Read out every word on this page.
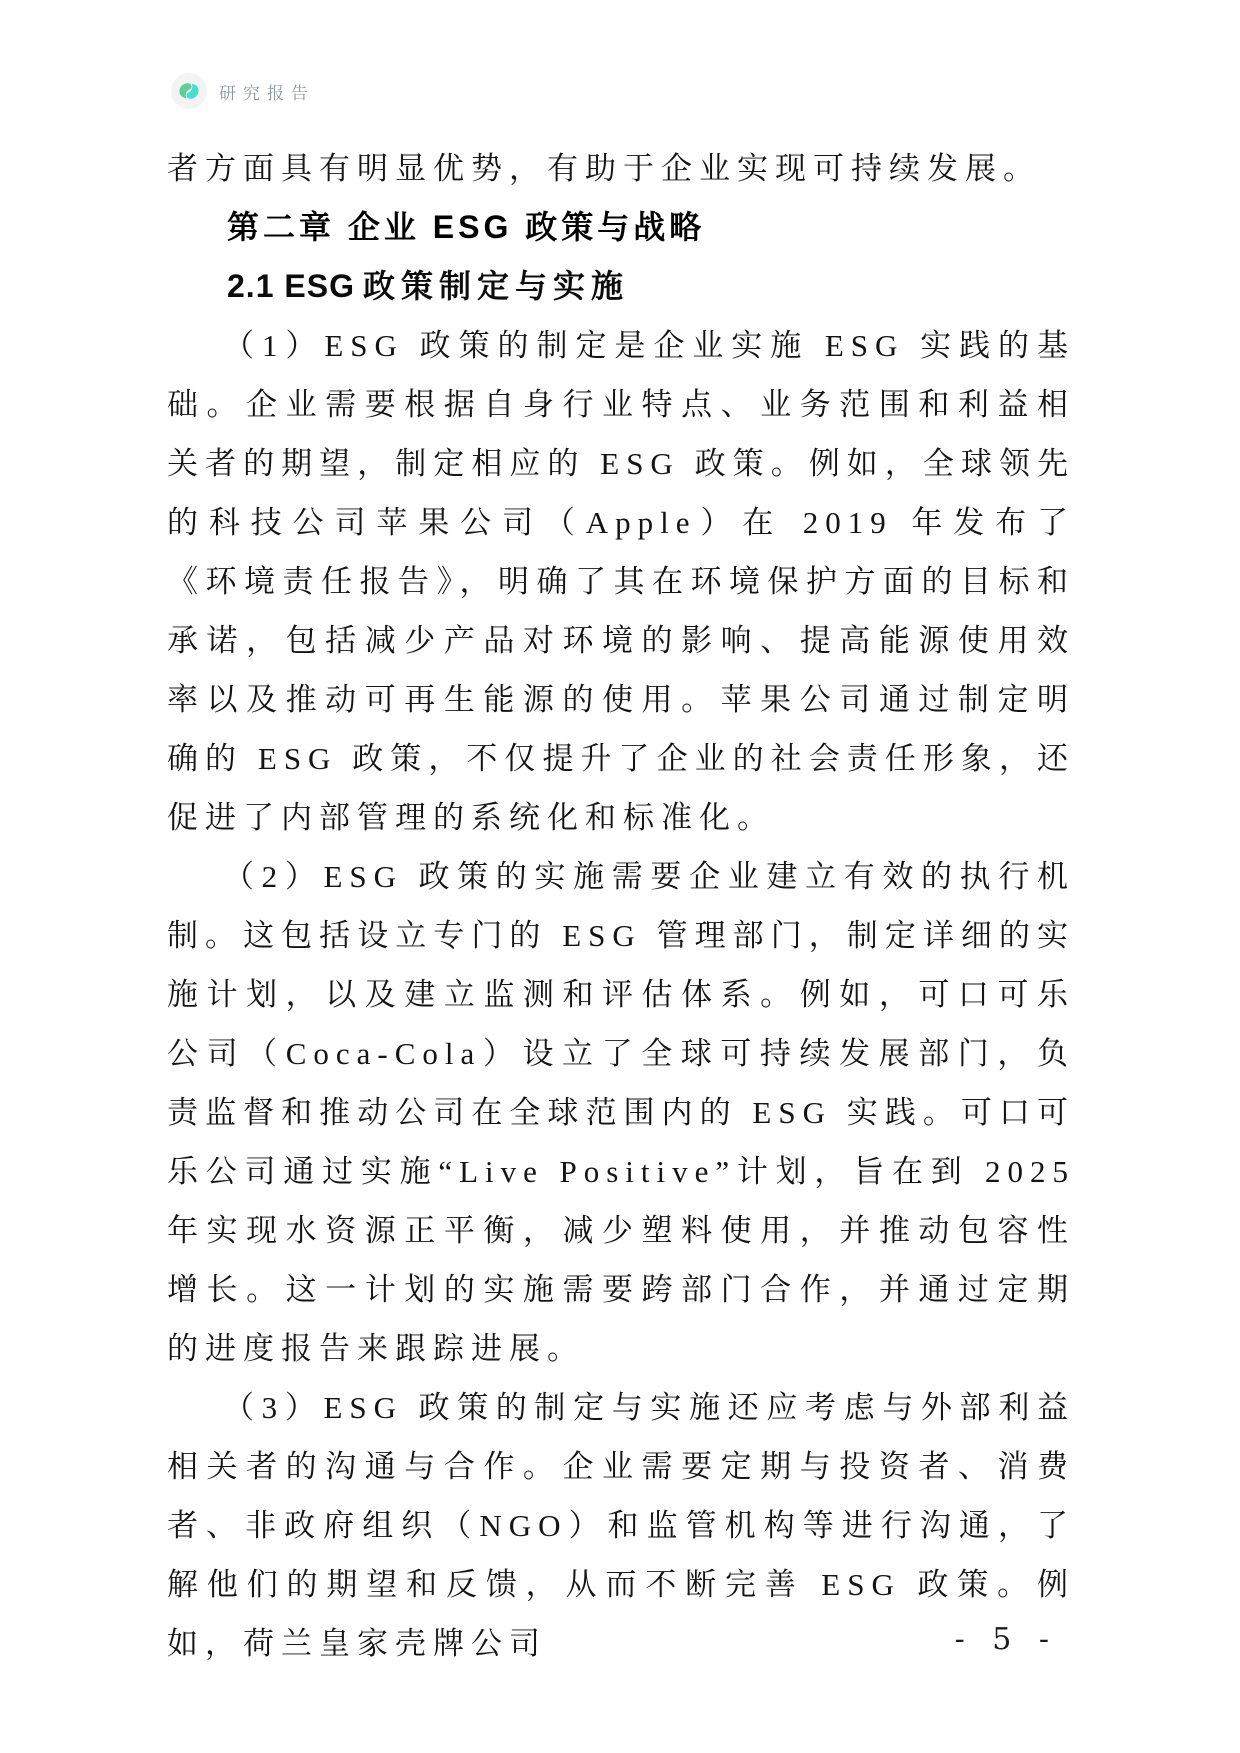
研究报告

者方面具有明显优势，有助于企业实现可持续发展。

第二章 企业 ESG 政策与战略
2.1 ESG 政策制定与实施

（1）ESG 政策的制定是企业实施 ESG 实践的基础。企业需要根据自身行业特点、业务范围和利益相关者的期望，制定相应的 ESG 政策。例如，全球领先的科技公司苹果公司（Apple）在 2019 年发布了《环境责任报告》，明确了其在环境保护方面的目标和承诺，包括减少产品对环境的影响、提高能源使用效率以及推动可再生能源的使用。苹果公司通过制定明确的 ESG 政策，不仅提升了企业的社会责任形象，还促进了内部管理的系统化和标准化。

（2）ESG 政策的实施需要企业建立有效的执行机制。这包括设立专门的 ESG 管理部门，制定详细的实施计划，以及建立监测和评估体系。例如，可口可乐公司（Coca-Cola）设立了全球可持续发展部门，负责监督和推动公司在全球范围内的 ESG 实践。可口可乐公司通过实施“Live Positive”计划，旨在到 2025 年实现水资源正平衡，减少塑料使用，并推动包容性增长。这一计划的实施需要跨部门合作，并通过定期的进度报告来跟踪进展。

（3）ESG 政策的制定与实施还应考虑与外部利益相关者的沟通与合作。企业需要定期与投资者、消费者、非政府组织（NGO）和监管机构等进行沟通，了解他们的期望和反馈，从而不断完善 ESG 政策。例如，荷兰皇家壳牌公司	- 5 -
